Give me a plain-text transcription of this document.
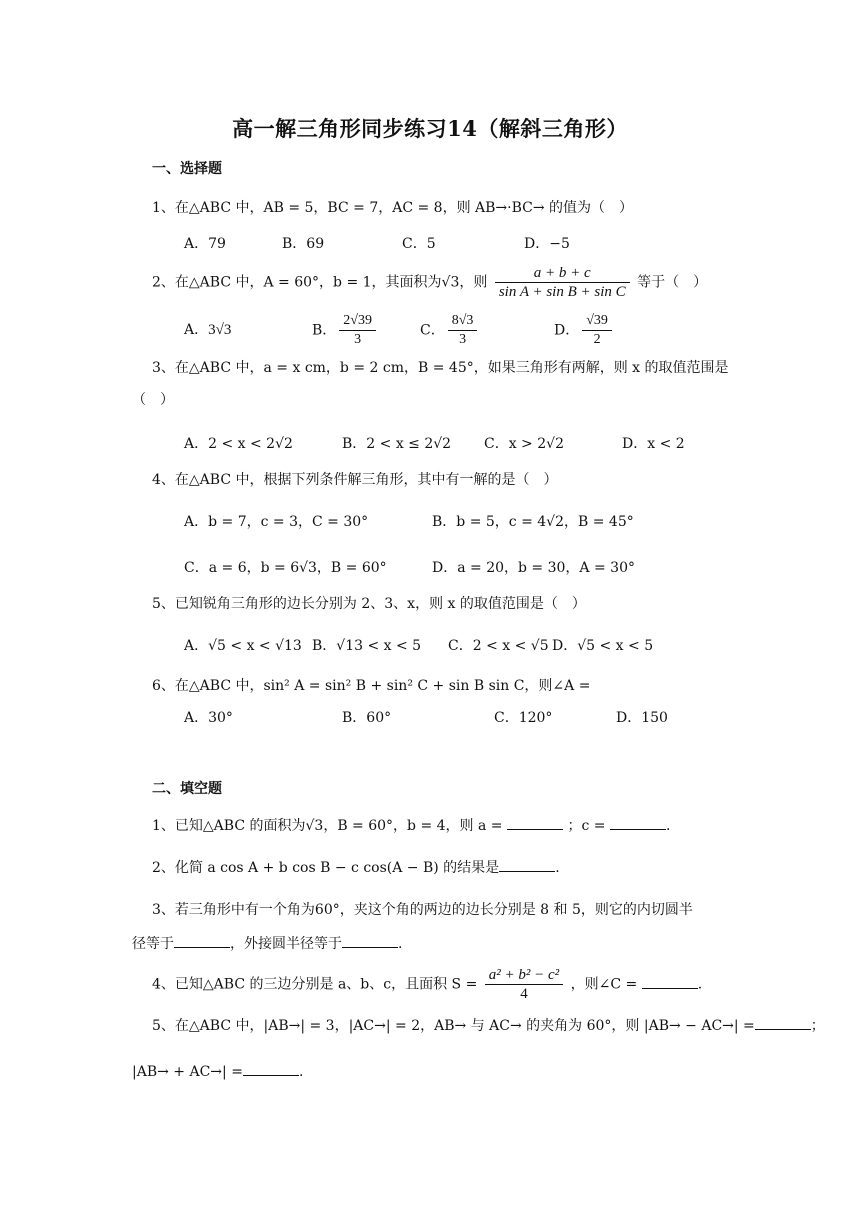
高一解三角形同步练习14（解斜三角形）
一、选择题
1、在△ABC 中，AB = 5，BC = 7，AC = 8，则 AB→·BC→ 的值为（　）
A．79	B．69	C．5	D．−5
2、在△ABC 中，A = 60°，b = 1，其面积为√3，则 $\frac{a + b + c}{\text{sin A + sin B + sin C}}$ 等于（　）
A．3√3	B． $\frac{2√39}{3}$	C． $\frac{8√3}{3}$	D． $\frac{√39}{2}$
3、在△ABC 中，a = x cm，b = 2 cm，B = 45°，如果三角形有两解，则 x 的取值范围是
（　）
A．2 < x < 2√2	B．2 < x ≤ 2√2 C．x > 2√2	D．x < 2
4、在△ABC 中，根据下列条件解三角形，其中有一解的是（　）
A．b = 7，c = 3，C = 30°	B．b = 5，c = 4√2，B = 45°
C．a = 6，b = 6√3，B = 60°	D．a = 20，b = 30，A = 30°
5、已知锐角三角形的边长分别为 2、3、x，则 x 的取值范围是（　）
A．√5 < x < √13 B．√13 < x < 5 C．2 < x < √5 D．√5 < x < 5
6、在△ABC 中，sin² A = sin² B + sin² C + sin B sin C，则∠A =
A．30°	B．60°	C．120°	D．150
二、填空题
1、已知△ABC 的面积为√3，B = 60°，b = 4，则 a =	；c =	.
2、化简 a cos A + b cos B − c cos(A − B) 的结果是	.
3、若三角形中有一个角为60°，夹这个角的两边的边长分别是 8 和 5，则它的内切圆半
径等于	，外接圆半径等于	.
4、已知△ABC 的三边分别是 a、b、c，且面积 $S = \frac{\text{a² + b² − c²}}{4}$ ，则∠C =	.
5、在△ABC 中，|AB→| = 3，|AC→| = 2，AB→ 与 AC→ 的夹角为 60°，则 |AB→ − AC→| =	；
|AB→ + AC→| =	.
